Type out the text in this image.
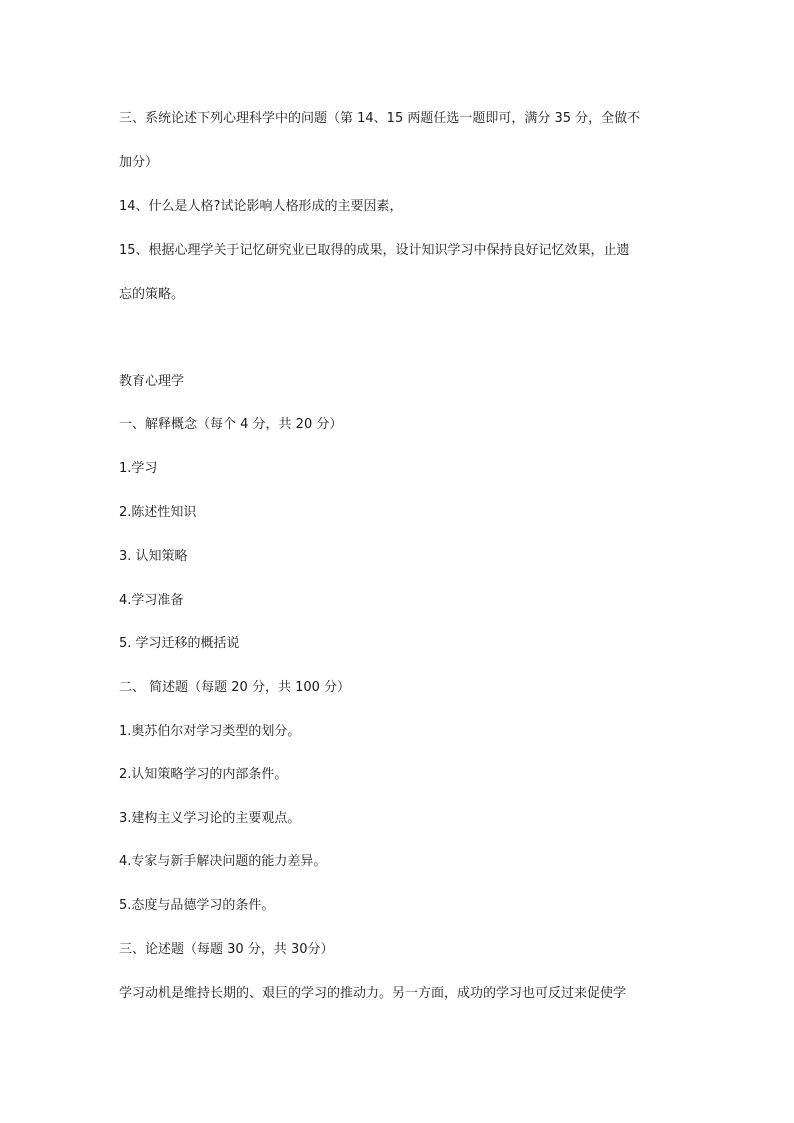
三、系统论述下列心理科学中的问题（第 14、15 两题任选一题即可，满分 35 分，全做不
加分）
14、什么是人格?试论影响人格形成的主要因素，
15、根据心理学关于记忆研究业已取得的成果，设计知识学习中保持良好记忆效果，止遗
忘的策略。
教育心理学
一、解释概念（每个 4 分，共 20 分）
1.学习
2.陈述性知识
3. 认知策略
4.学习准备
5. 学习迁移的概括说
二、 简述题（每题 20 分，共 100 分）
1.奥苏伯尔对学习类型的划分。
2.认知策略学习的内部条件。
3.建构主义学习论的主要观点。
4.专家与新手解决问题的能力差异。
5.态度与品德学习的条件。
三、论述题（每题 30 分，共 30分）
学习动机是维持长期的、艰巨的学习的推动力。另一方面，成功的学习也可反过来促使学
